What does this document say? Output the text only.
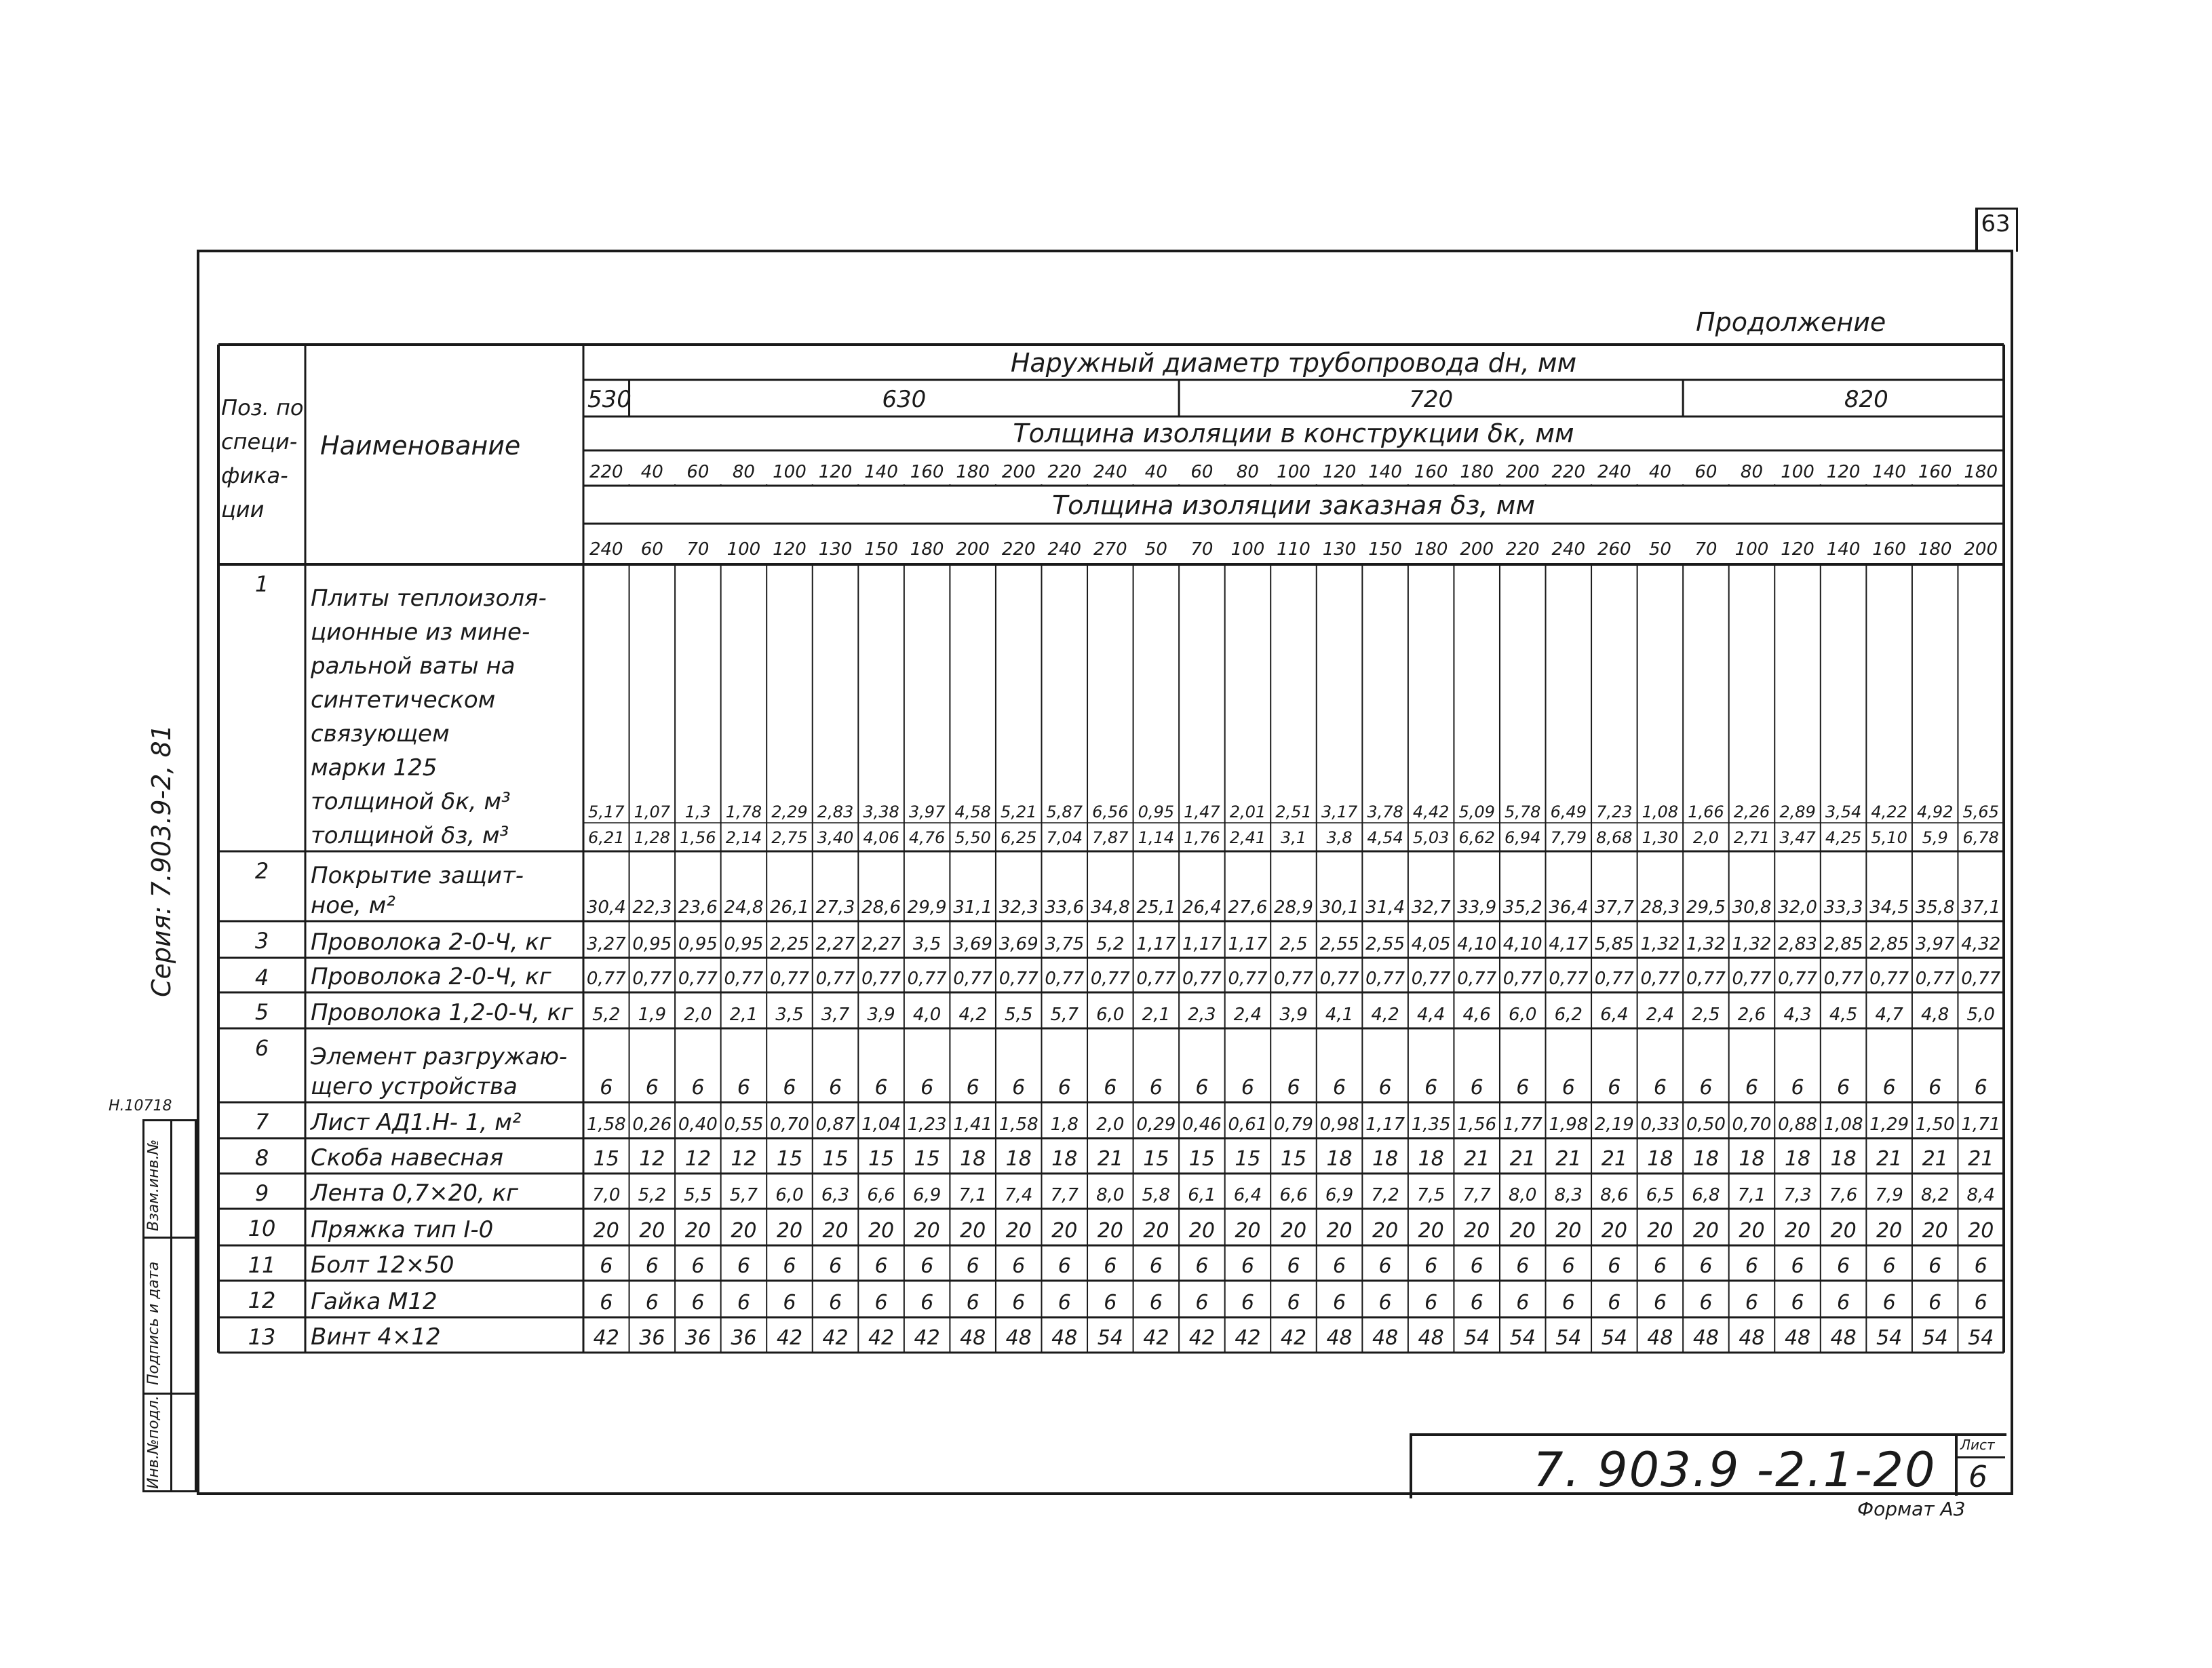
63
Продолжение
Серия: 7.903.9-2, 81
Н.10718
Инв.№подл.
Подпись и дата
Взам.инв.№
530	630	720	820
Наружный диаметр трубопровода dн, мм
Толщина изоляции в конструкции δк, мм
Толщина изоляции заказная δз, мм
220 40 60 80 100 120 140 160 180 200 220 240 40 60 80 100 120 140 160 180 200 220 240 40 60 80 100 120 140 160 180
240 60 70 100 120 130 150 180 200 220 240 270 50 70 100 110 130 150 180 200 220 240 260 50 70 100 120 140 160 180 200
Поз. по
специ-
фика-
ции
Наименование
1
Плиты теплоизоля-
ционные из мине-
ральной ваты на
синтетическом
связующем
марки 125
толщиной δк, м³
толщиной δз, м³
5,17 1,07 1,3 1,78 2,29 2,83 3,38 3,97 4,58 5,21 5,87 6,56 0,95 1,47 2,01 2,51 3,17 3,78 4,42 5,09 5,78 6,49 7,23 1,08 1,66 2,26 2,89 3,54 4,22 4,92 5,65
6,21 1,28 1,56 2,14 2,75 3,40 4,06 4,76 5,50 6,25 7,04 7,87 1,14 1,76 2,41 3,1 3,8 4,54 5,03 6,62 6,94 7,79 8,68 1,30 2,0 2,71 3,47 4,25 5,10 5,9 6,78
2 Покрытие защит-
ное, м²	30,4 22,3 23,6 24,8 26,1 27,3 28,6 29,9 31,1 32,3 33,6 34,8 25,1 26,4 27,6 28,9 30,1 31,4 32,7 33,9 35,2 36,4 37,7 28,3 29,5 30,8 32,0 33,3 34,5 35,8 37,1
3 Проволока 2-0-Ч, кг 3,27 0,95 0,95 0,95 2,25 2,27 2,27 3,5 3,69 3,69 3,75 5,2 1,17 1,17 1,17 2,5 2,55 2,55 4,05 4,10 4,10 4,17 5,85 1,32 1,32 1,32 2,83 2,85 2,85 3,97 4,32
4 Проволока 2-0-Ч, кг 0,77 0,77 0,77 0,77 0,77 0,77 0,77 0,77 0,77 0,77 0,77 0,77 0,77 0,77 0,77 0,77 0,77 0,77 0,77 0,77 0,77 0,77 0,77 0,77 0,77 0,77 0,77 0,77 0,77 0,77 0,77
5 Проволока 1,2-0-Ч, кг 5,2 1,9 2,0 2,1 3,5 3,7 3,9 4,0 4,2 5,5 5,7 6,0 2,1 2,3 2,4 3,9 4,1 4,2 4,4 4,6 6,0 6,2 6,4 2,4 2,5 2,6 4,3 4,5 4,7 4,8 5,0
6 Элемент разгружаю-
щего устройства	6 6 6 6 6 6 6 6 6 6 6 6 6 6 6 6 6 6 6 6 6 6 6 6 6 6 6 6 6 6 6
7 Лист АД1.Н- 1, м²	1,58 0,26 0,40 0,55 0,70 0,87 1,04 1,23 1,41 1,58 1,8 2,0 0,29 0,46 0,61 0,79 0,98 1,17 1,35 1,56 1,77 1,98 2,19 0,33 0,50 0,70 0,88 1,08 1,29 1,50 1,71
8 Скоба навесная	15 12 12 12 15 15 15 15 18 18 18 21 15 15 15 15 18 18 18 21 21 21 21 18 18 18 18 18 21 21 21
9 Лента 0,7×20, кг	7,0 5,2 5,5 5,7 6,0 6,3 6,6 6,9 7,1 7,4 7,7 8,0 5,8 6,1 6,4 6,6 6,9 7,2 7,5 7,7 8,0 8,3 8,6 6,5 6,8 7,1 7,3 7,6 7,9 8,2 8,4
10 Пряжка тип I-0	20 20 20 20 20 20 20 20 20 20 20 20 20 20 20 20 20 20 20 20 20 20 20 20 20 20 20 20 20 20 20
11 Болт 12×50	6 6 6 6 6 6 6 6 6 6 6 6 6 6 6 6 6 6 6 6 6 6 6 6 6 6 6 6 6 6 6
12 Гайка М12	6 6 6 6 6 6 6 6 6 6 6 6 6 6 6 6 6 6 6 6 6 6 6 6 6 6 6 6 6 6 6
13 Винт 4×12	42 36 36 36 42 42 42 42 48 48 48 54 42 42 42 42 48 48 48 54 54 54 54 48 48 48 48 48 54 54 54
7. 903.9 -2.1-20 Лист
6
Формат А3
